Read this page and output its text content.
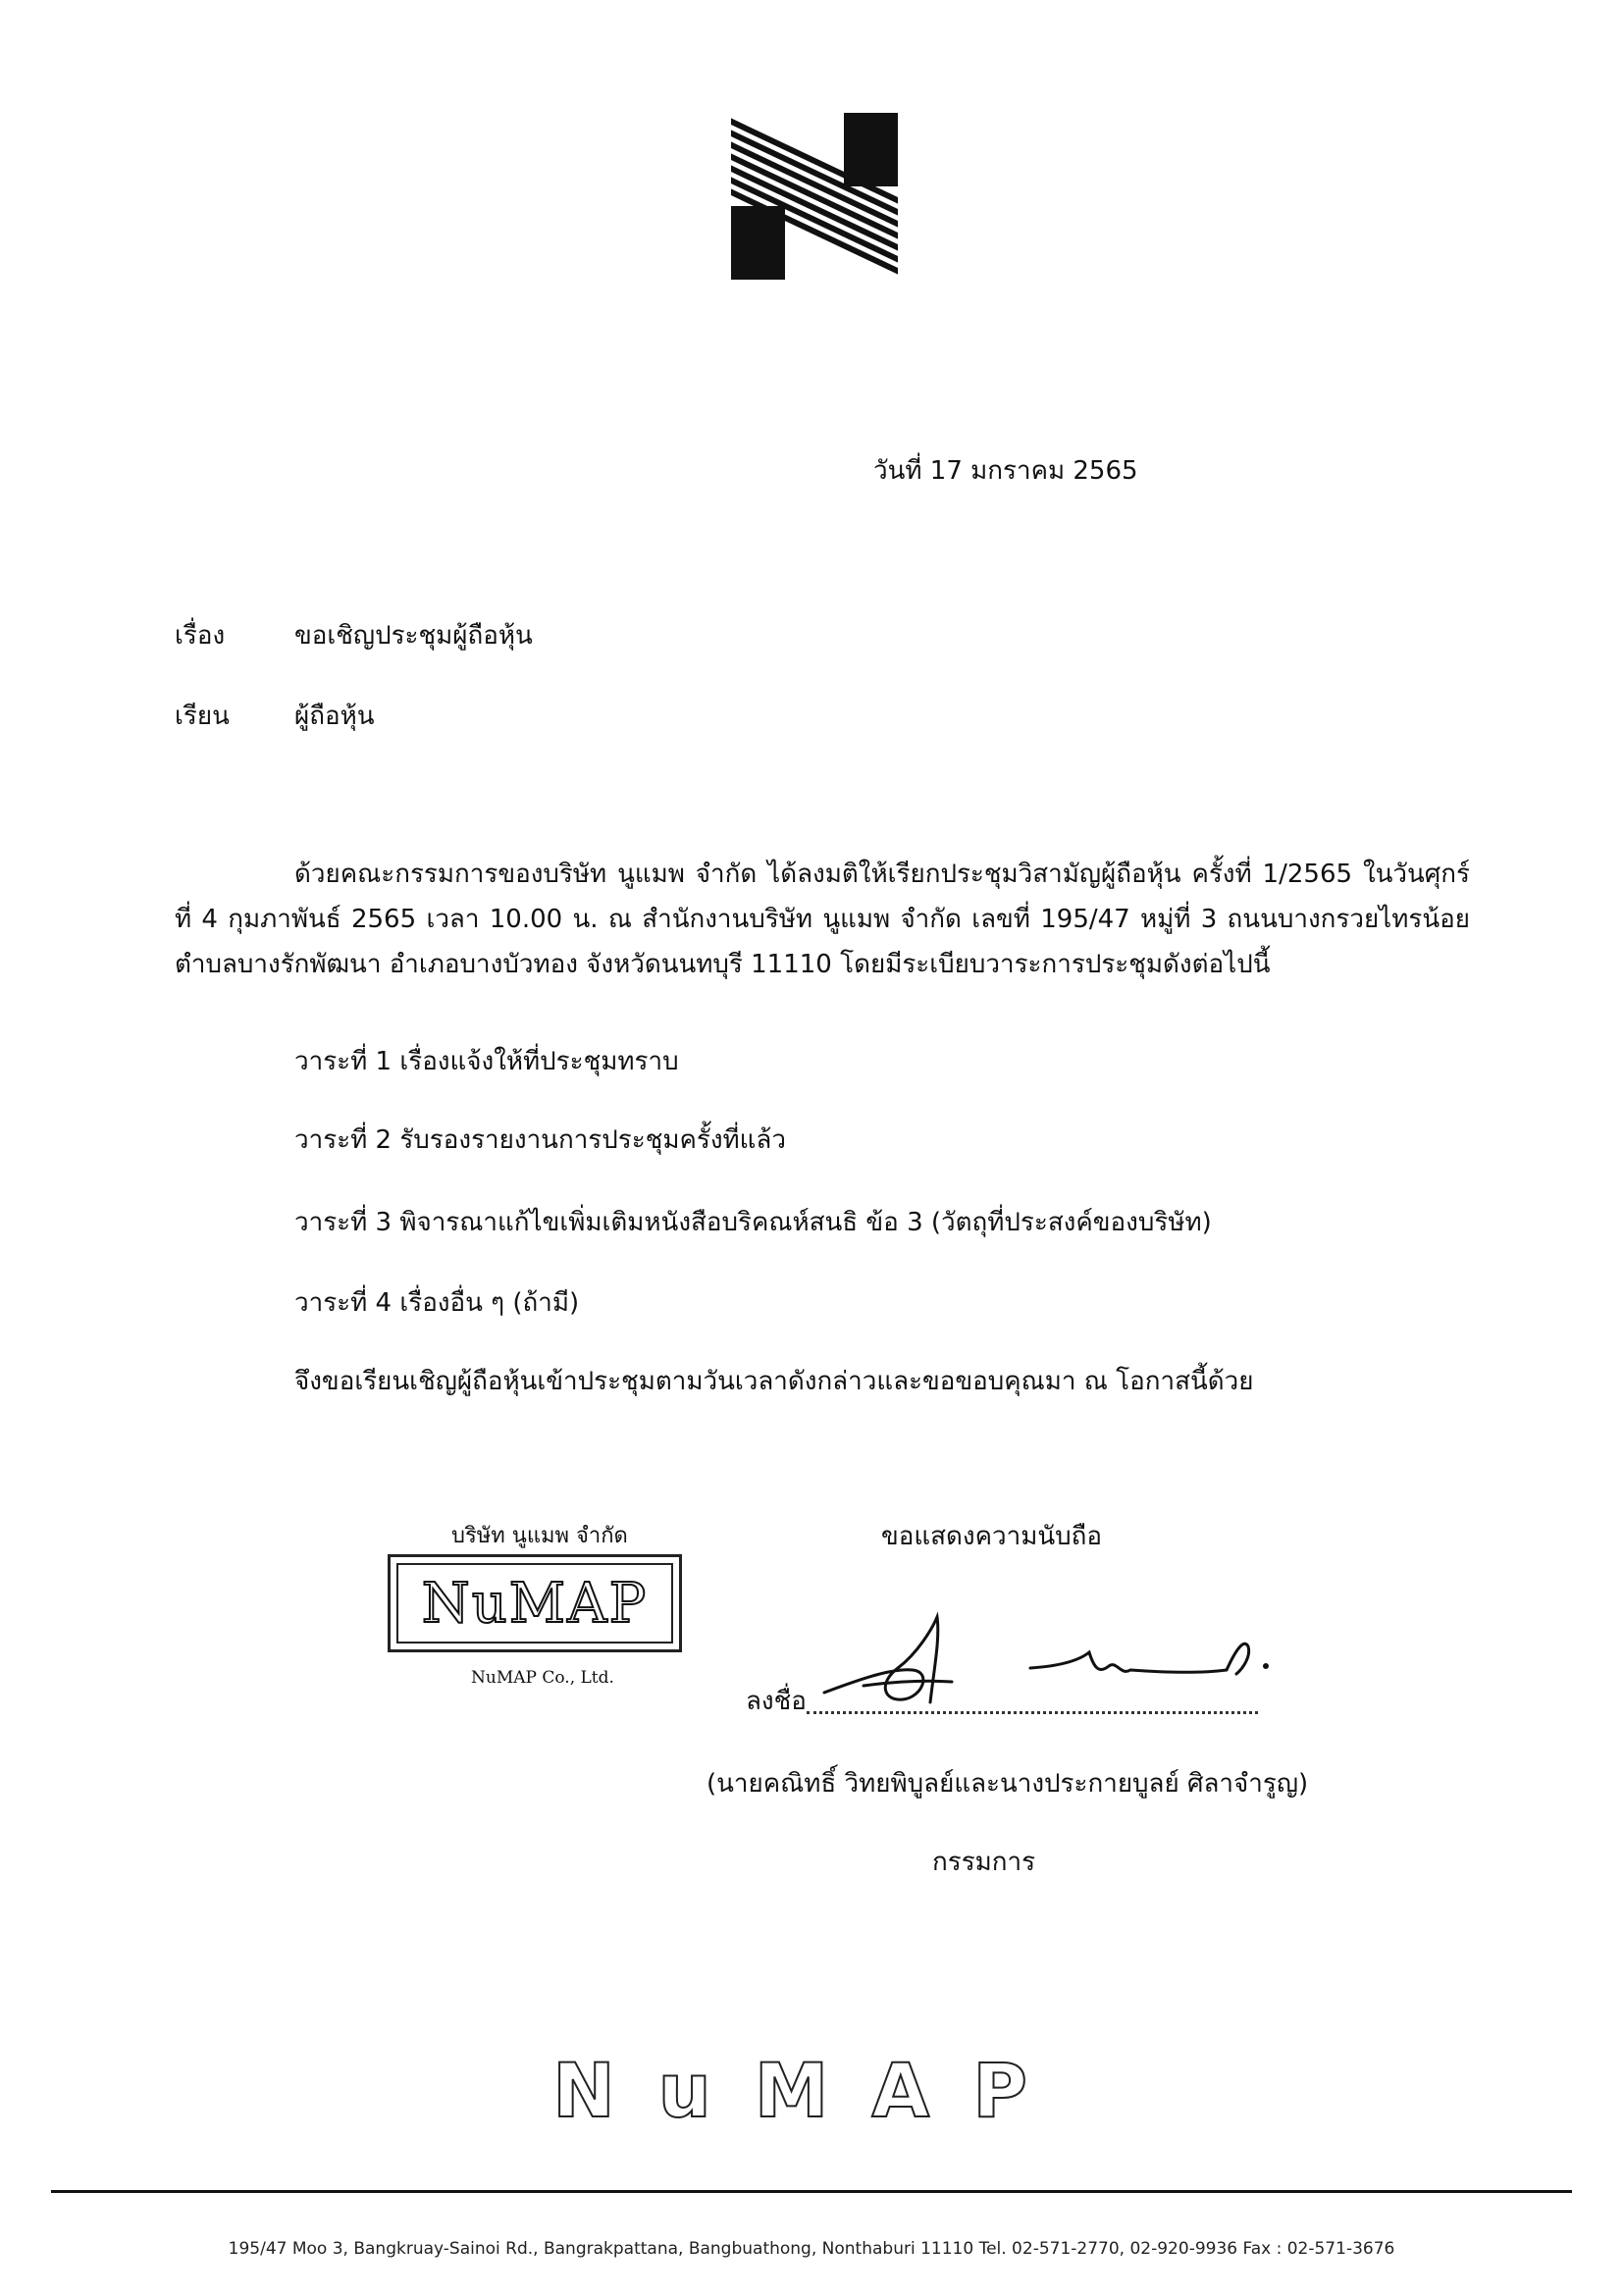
วันที่ 17 มกราคม 2565
เรื่อง	ขอเชิญประชุมผู้ถือหุ้น
เรียน	ผู้ถือหุ้น
ด้วยคณะกรรมการของบริษัท นูแมพ จำกัด ได้ลงมติให้เรียกประชุมวิสามัญผู้ถือหุ้น ครั้งที่ 1/2565 ในวันศุกร์ที่ 4 กุมภาพันธ์ 2565 เวลา 10.00 น. ณ สำนักงานบริษัท นูแมพ จำกัด เลขที่ 195/47 หมู่ที่ 3 ถนนบางกรวยไทรน้อย ตำบลบางรักพัฒนา อำเภอบางบัวทอง จังหวัดนนทบุรี 11110 โดยมีระเบียบวาระการประชุมดังต่อไปนี้
วาระที่ 1 เรื่องแจ้งให้ที่ประชุมทราบ
วาระที่ 2 รับรองรายงานการประชุมครั้งที่แล้ว
วาระที่ 3 พิจารณาแก้ไขเพิ่มเติมหนังสือบริคณห์สนธิ ข้อ 3 (วัตถุที่ประสงค์ของบริษัท)
วาระที่ 4 เรื่องอื่น ๆ (ถ้ามี)
จึงขอเรียนเชิญผู้ถือหุ้นเข้าประชุมตามวันเวลาดังกล่าวและขอขอบคุณมา ณ โอกาสนี้ด้วย
บริษัท นูแมพ จำกัด
NuMAP
NuMAP Co., Ltd.
ขอแสดงความนับถือ
ลงชื่อ
(นายคณิทธิ์ วิทยพิบูลย์และนางประกายบูลย์ ศิลาจำรูญ)
กรรมการ
NuMAP
195/47 Moo 3, Bangkruay-Sainoi Rd., Bangrakpattana, Bangbuathong, Nonthaburi 11110 Tel. 02-571-2770, 02-920-9936 Fax : 02-571-3676
